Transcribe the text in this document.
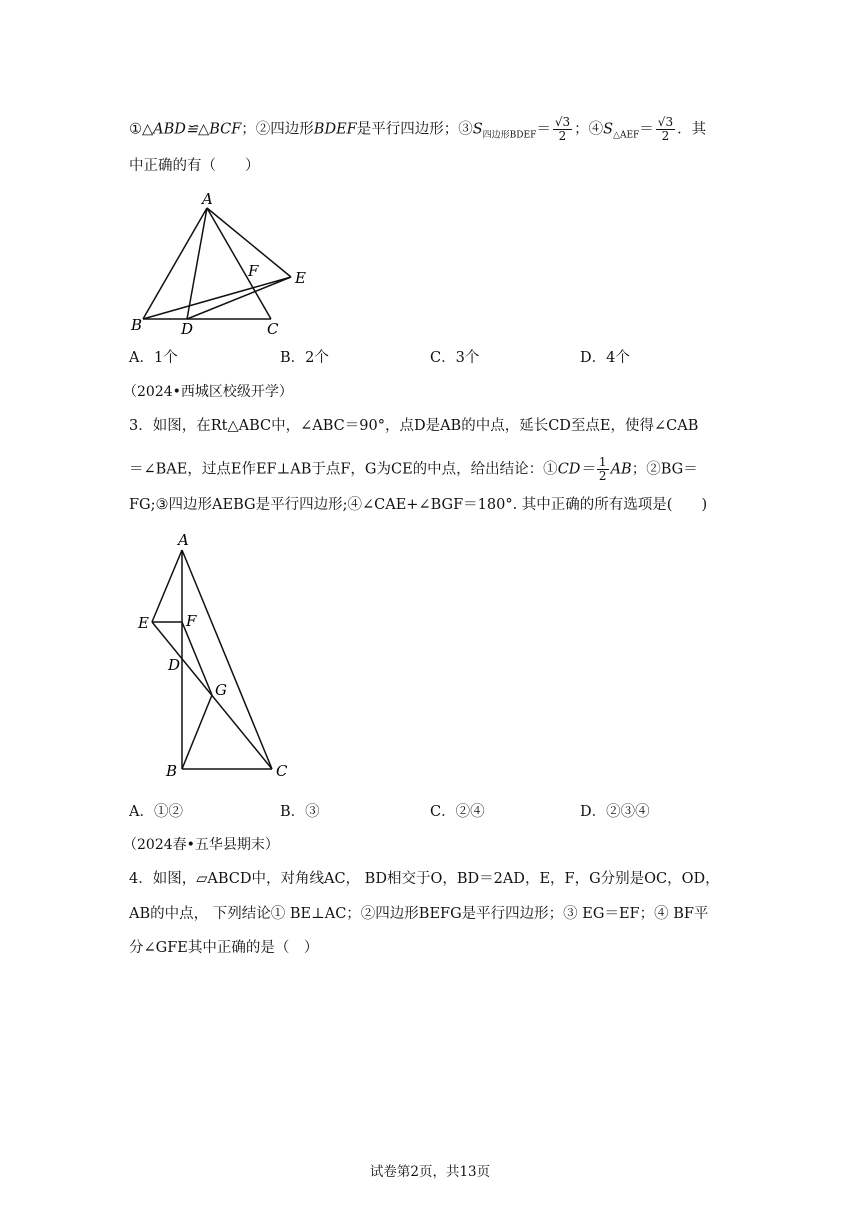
①△ABD≌△BCF；②四边形BDEF是平行四边形；$③S_{四边形BDEF}= \frac{√3}{2}$ ；$④S_{\triangle AEF}= \frac{√3}{2}$ ．其
中正确的有（　　）
A
B	D	C
F E
A．1个	B．2个	C．3个	D．4个
（2024•西城区校级开学）
3．如图，在Rt△ABC中，∠ABC＝90°，点D是AB的中点，延长CD至点E，使得∠CAB
＝∠BAE，过点E作EF⊥AB于点F，G为CE的中点，给出结论：①CD＝ $\frac{1}{2}$ AB；②BG＝
FG;③四边形AEBG是平行四边形;④∠CAE+∠BGF＝180°. 其中正确的所有选项是(　　)
A
E F
D
G
B	C
A．①②	B．③	C．②④	D．②③④
（2024春•五华县期末）
4．如图，▱ABCD中，对角线AC， BD相交于O，BD＝2AD，E，F，G分别是OC，OD，
AB的中点， 下列结论① BE⊥AC；②四边形BEFG是平行四边形；③ EG＝EF；④ BF平
分∠GFE其中正确的是（　）
试卷第2页，共13页
